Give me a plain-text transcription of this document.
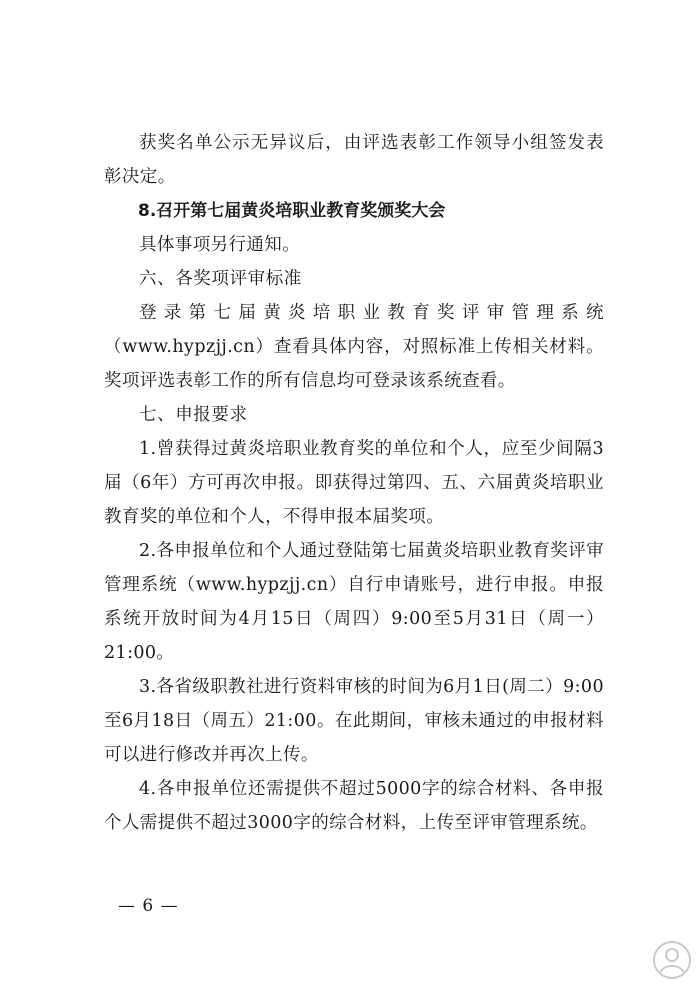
获奖名单公示无异议后，由评选表彰工作领导小组签发表彰决定。

8.召开第七届黄炎培职业教育奖颁奖大会

具体事项另行通知。

六、各奖项评审标准

登录第七届黄炎培职业教育奖评审管理系统（www.hypzjj.cn）查看具体内容，对照标准上传相关材料。奖项评选表彰工作的所有信息均可登录该系统查看。

七、申报要求

1.曾获得过黄炎培职业教育奖的单位和个人，应至少间隔3届（6年）方可再次申报。即获得过第四、五、六届黄炎培职业教育奖的单位和个人，不得申报本届奖项。

2.各申报单位和个人通过登陆第七届黄炎培职业教育奖评审管理系统（www.hypzjj.cn）自行申请账号，进行申报。申报系统开放时间为4月15日（周四）9:00至5月31日（周一）21:00。

3.各省级职教社进行资料审核的时间为6月1日(周二）9:00至6月18日（周五）21:00。在此期间，审核未通过的申报材料可以进行修改并再次上传。

4.各申报单位还需提供不超过5000字的综合材料、各申报个人需提供不超过3000字的综合材料，上传至评审管理系统。

— 6 —
